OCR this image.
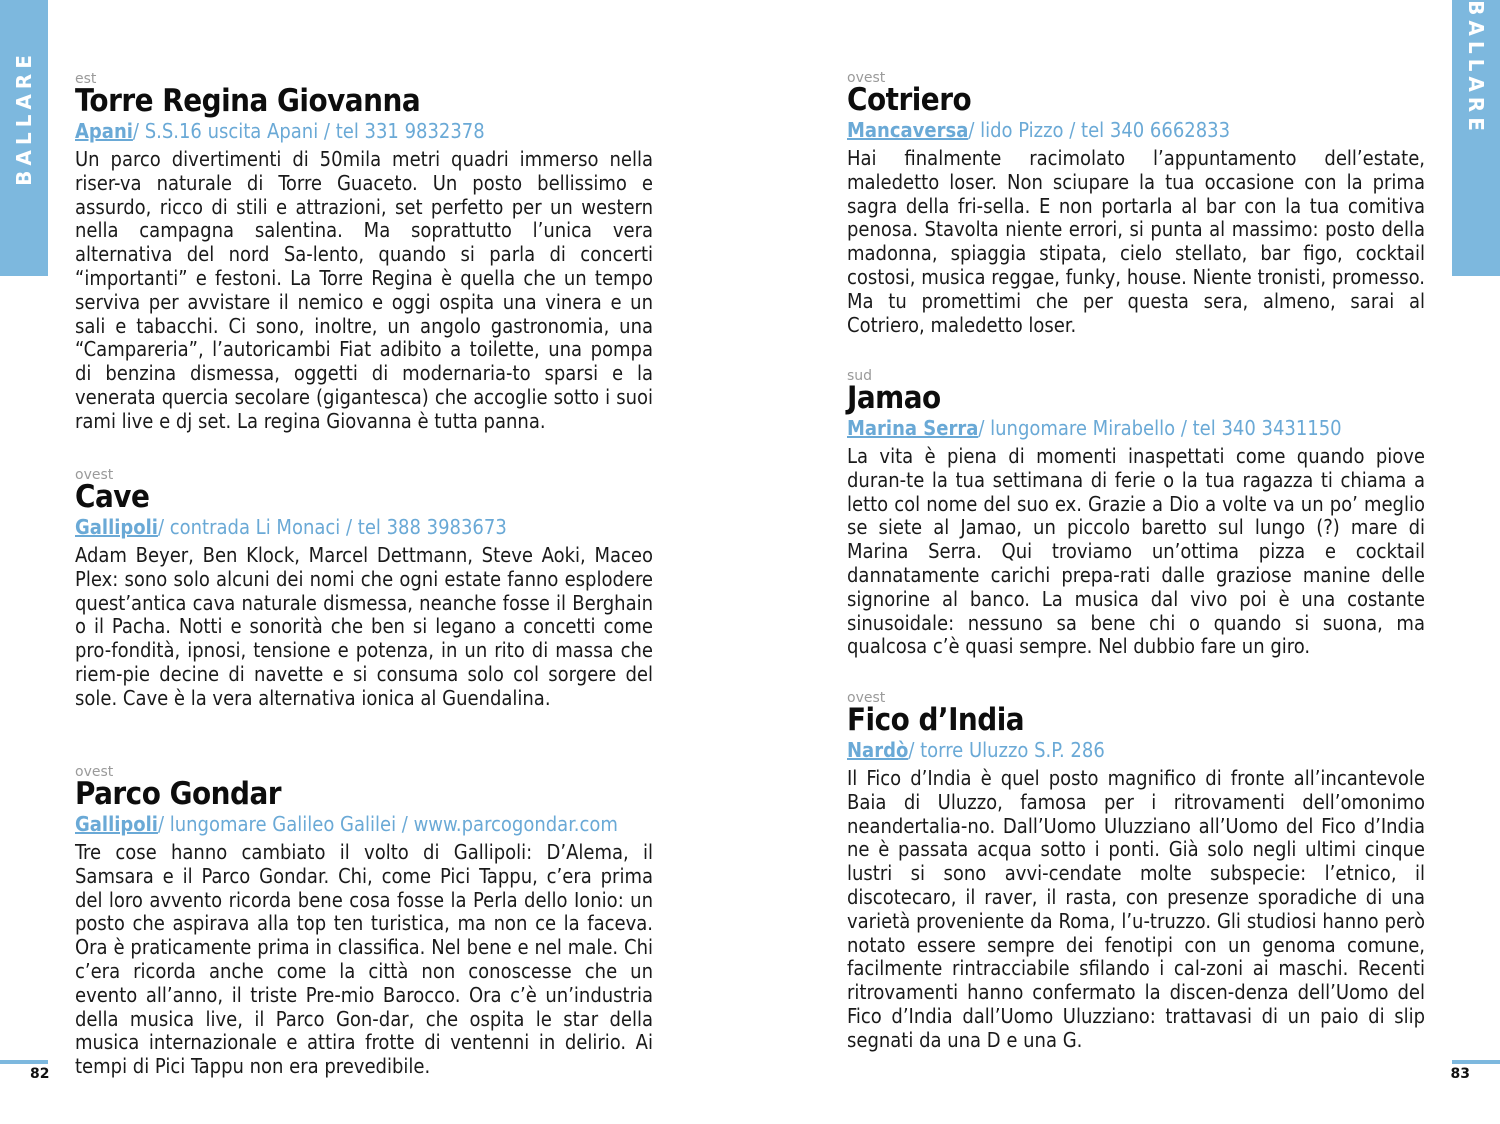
BALLARE	BALLARE
est
Torre Regina Giovanna
Apani/ S.S.16 uscita Apani / tel 331 9832378
Un parco divertimenti di 50mila metri quadri immerso nella riser-va naturale di Torre Guaceto. Un posto bellissimo e assurdo, ricco di stili e attrazioni, set perfetto per un western nella campagna salentina. Ma soprattutto l’unica vera alternativa del nord Sa-lento, quando si parla di concerti “importanti” e festoni. La Torre Regina è quella che un tempo serviva per avvistare il nemico e oggi ospita una vinera e un sali e tabacchi. Ci sono, inoltre, un angolo gastronomia, una “Campareria”, l’autoricambi Fiat adibito a toilette, una pompa di benzina dismessa, oggetti di modernaria-to sparsi e la venerata quercia secolare (gigantesca) che accoglie sotto i suoi rami live e dj set. La regina Giovanna è tutta panna.
ovest
Cave
Gallipoli/ contrada Li Monaci / tel 388 3983673
Adam Beyer, Ben Klock, Marcel Dettmann, Steve Aoki, Maceo Plex: sono solo alcuni dei nomi che ogni estate fanno esplodere quest’antica cava naturale dismessa, neanche fosse il Berghain o il Pacha. Notti e sonorità che ben si legano a concetti come pro-fondità, ipnosi, tensione e potenza, in un rito di massa che riem-pie decine di navette e si consuma solo col sorgere del sole. Cave è la vera alternativa ionica al Guendalina.
ovest
Parco Gondar
Gallipoli/ lungomare Galileo Galilei / www.parcogondar.com
Tre cose hanno cambiato il volto di Gallipoli: D’Alema, il Samsara e il Parco Gondar. Chi, come Pici Tappu, c’era prima del loro avvento ricorda bene cosa fosse la Perla dello Ionio: un posto che aspirava alla top ten turistica, ma non ce la faceva. Ora è praticamente prima in classifica. Nel bene e nel male. Chi c’era ricorda anche come la città non conoscesse che un evento all’anno, il triste Pre-mio Barocco. Ora c’è un’industria della musica live, il Parco Gon-dar, che ospita le star della musica internazionale e attira frotte di ventenni in delirio. Ai tempi di Pici Tappu non era prevedibile.
ovest
Cotriero
Mancaversa/ lido Pizzo / tel 340 6662833
Hai finalmente racimolato l’appuntamento dell’estate, maledetto loser. Non sciupare la tua occasione con la prima sagra della fri-sella. E non portarla al bar con la tua comitiva penosa. Stavolta niente errori, si punta al massimo: posto della madonna, spiaggia stipata, cielo stellato, bar figo, cocktail costosi, musica reggae, funky, house. Niente tronisti, promesso. Ma tu promettimi che per questa sera, almeno, sarai al Cotriero, maledetto loser.
sud
Jamao
Marina Serra/ lungomare Mirabello / tel 340 3431150
La vita è piena di momenti inaspettati come quando piove duran-te la tua settimana di ferie o la tua ragazza ti chiama a letto col nome del suo ex. Grazie a Dio a volte va un po’ meglio se siete al Jamao, un piccolo baretto sul lungo (?) mare di Marina Serra. Qui troviamo un’ottima pizza e cocktail dannatamente carichi prepa-rati dalle graziose manine delle signorine al banco. La musica dal vivo poi è una costante sinusoidale: nessuno sa bene chi o quando si suona, ma qualcosa c’è quasi sempre. Nel dubbio fare un giro.
ovest
Fico d’India
Nardò/ torre Uluzzo S.P. 286
Il Fico d’India è quel posto magnifico di fronte all’incantevole Baia di Uluzzo, famosa per i ritrovamenti dell’omonimo neandertalia-no. Dall’Uomo Uluzziano all’Uomo del Fico d’India ne è passata acqua sotto i ponti. Già solo negli ultimi cinque lustri si sono avvi-cendate molte subspecie: l’etnico, il discotecaro, il raver, il rasta, con presenze sporadiche di una varietà proveniente da Roma, l’u-truzzo. Gli studiosi hanno però notato essere sempre dei fenotipi con un genoma comune, facilmente rintracciabile sfilando i cal-zoni ai maschi. Recenti ritrovamenti hanno confermato la discen-denza dell’Uomo del Fico d’India dall’Uomo Uluzziano: trattavasi di un paio di slip segnati da una D e una G.
82	83
